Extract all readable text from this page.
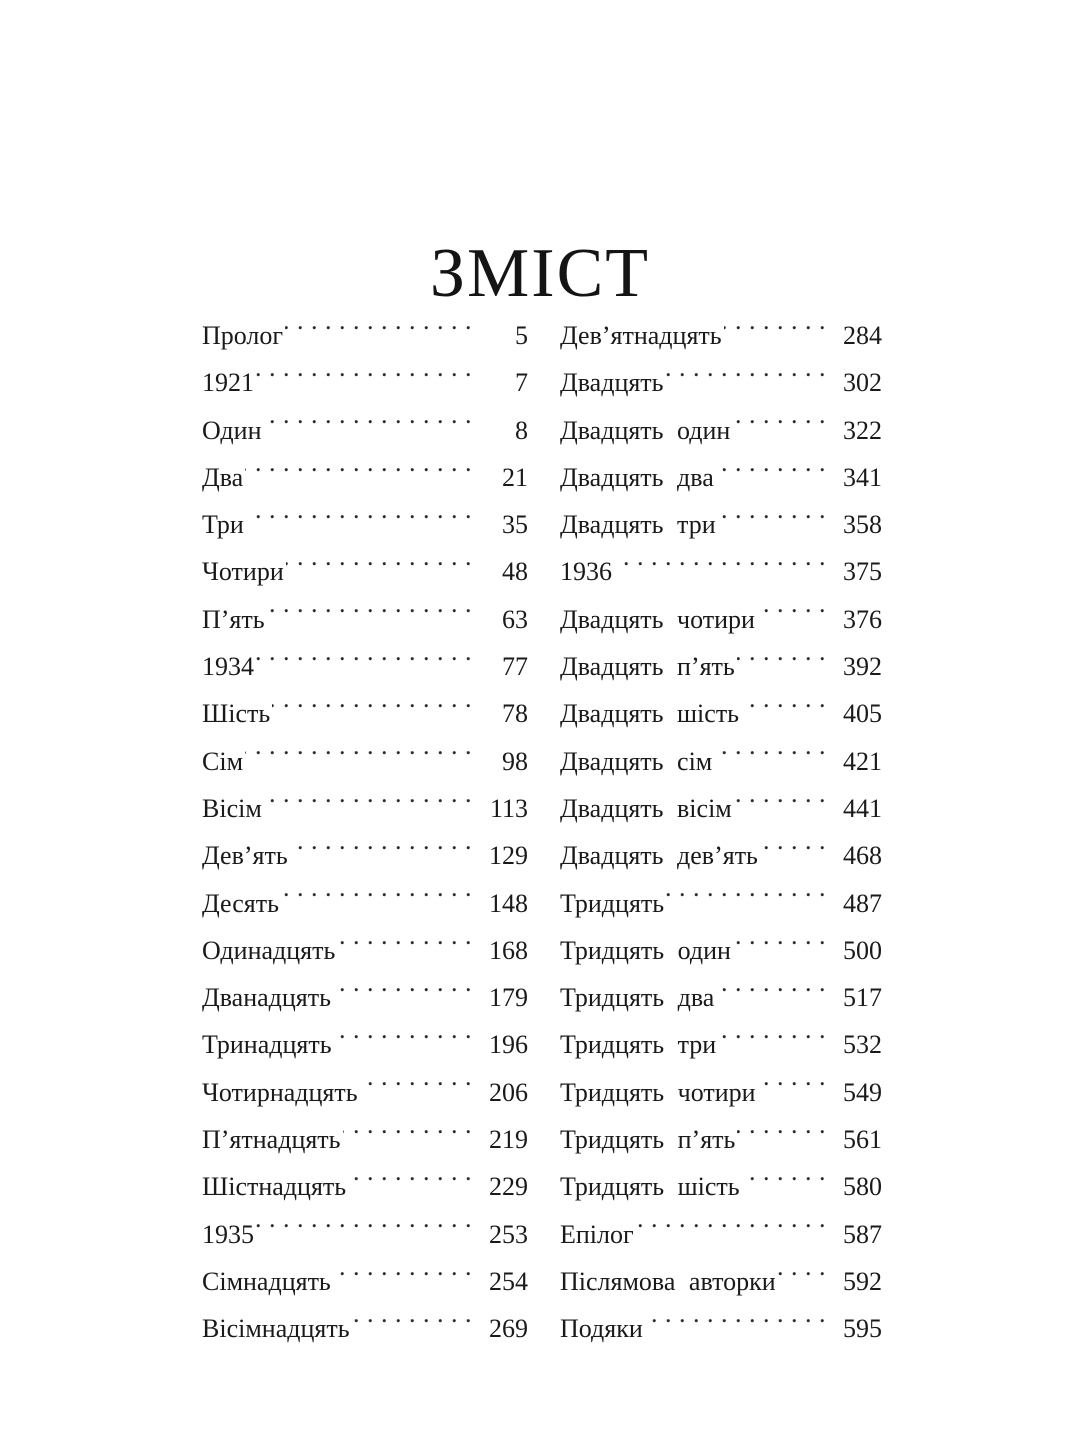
ЗМІСТ
Пролог . . .	5
1921 . . .	7
Один . . .	8
Два . . .	21
Три . . .	35
Чотири . . .	48
П’ять . . .	63
1934 . . .	77
Шість . . .	78
Сім . . .	98
Вісім . . .	113
Дев’ять . . .	129
Десять . . .	148
Одинадцять . . .	168
Дванадцять . . .	179
Тринадцять . . .	196
Чотирнадцять . . .	206
П’ятнадцять . . .	219
Шістнадцять . . .	229
1935 . . .	253
Сімнадцять . . .	254
Вісімнадцять . . .	269
Дев’ятнадцять . . .	284
Двадцять . . .	302
Двадцять один . . .	322
Двадцять два . . .	341
Двадцять три . . .	358
1936 . . .	375
Двадцять чотири . . .	376
Двадцять п’ять . . .	392
Двадцять шість . . .	405
Двадцять сім . . .	421
Двадцять вісім . . .	441
Двадцять дев’ять . . .	468
Тридцять . . .	487
Тридцять один . . .	500
Тридцять два . . .	517
Тридцять три . . .	532
Тридцять чотири . . .	549
Тридцять п’ять . . .	561
Тридцять шість . . .	580
Епілог . . .	587
Післямова авторки . . .	592
Подяки . . .	595
